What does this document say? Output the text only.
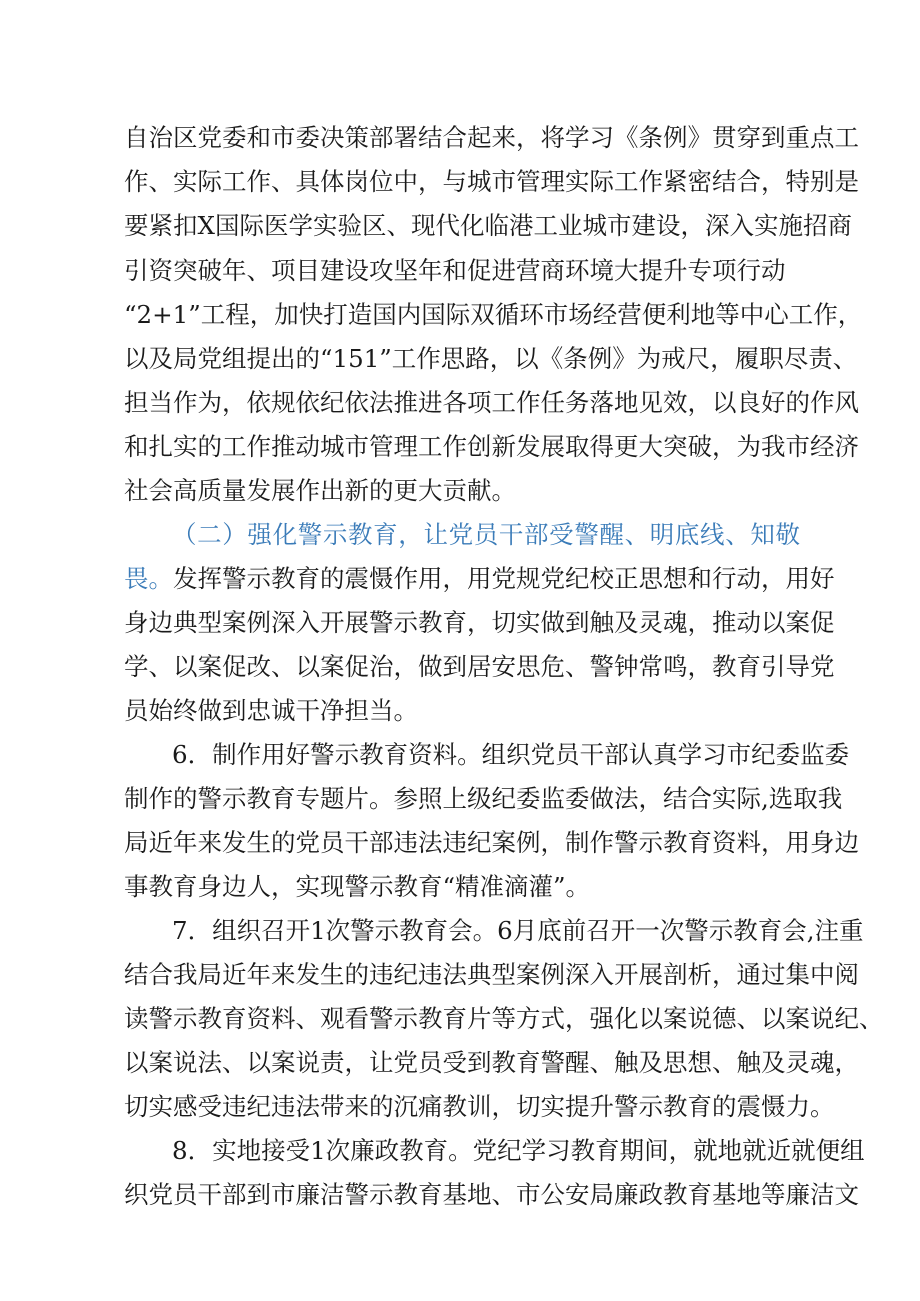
自治区党委和市委决策部署结合起来，将学习《条例》贯穿到重点工
作、实际工作、具体岗位中，与城市管理实际工作紧密结合，特别是
要紧扣X国际医学实验区、现代化临港工业城市建设，深入实施招商
引资突破年、项目建设攻坚年和促进营商环境大提升专项行动
“2+1”工程，加快打造国内国际双循环市场经营便利地等中心工作，
以及局党组提出的“151”工作思路，以《条例》为戒尺，履职尽责、
担当作为，依规依纪依法推进各项工作任务落地见效，以良好的作风
和扎实的工作推动城市管理工作创新发展取得更大突破，为我市经济
社会高质量发展作出新的更大贡献。
（二）强化警示教育，让党员干部受警醒、明底线、知敬
畏。发挥警示教育的震慑作用，用党规党纪校正思想和行动，用好
身边典型案例深入开展警示教育，切实做到触及灵魂，推动以案促
学、以案促改、以案促治，做到居安思危、警钟常鸣，教育引导党
员始终做到忠诚干净担当。
6．制作用好警示教育资料。组织党员干部认真学习市纪委监委
制作的警示教育专题片。参照上级纪委监委做法，结合实际,选取我
局近年来发生的党员干部违法违纪案例，制作警示教育资料，用身边
事教育身边人，实现警示教育“精准滴灌”。
7．组织召开1次警示教育会。6月底前召开一次警示教育会,注重
结合我局近年来发生的违纪违法典型案例深入开展剖析，通过集中阅
读警示教育资料、观看警示教育片等方式，强化以案说德、以案说纪、
以案说法、以案说责，让党员受到教育警醒、触及思想、触及灵魂，
切实感受违纪违法带来的沉痛教训，切实提升警示教育的震慑力。
8．实地接受1次廉政教育。党纪学习教育期间，就地就近就便组
织党员干部到市廉洁警示教育基地、市公安局廉政教育基地等廉洁文
